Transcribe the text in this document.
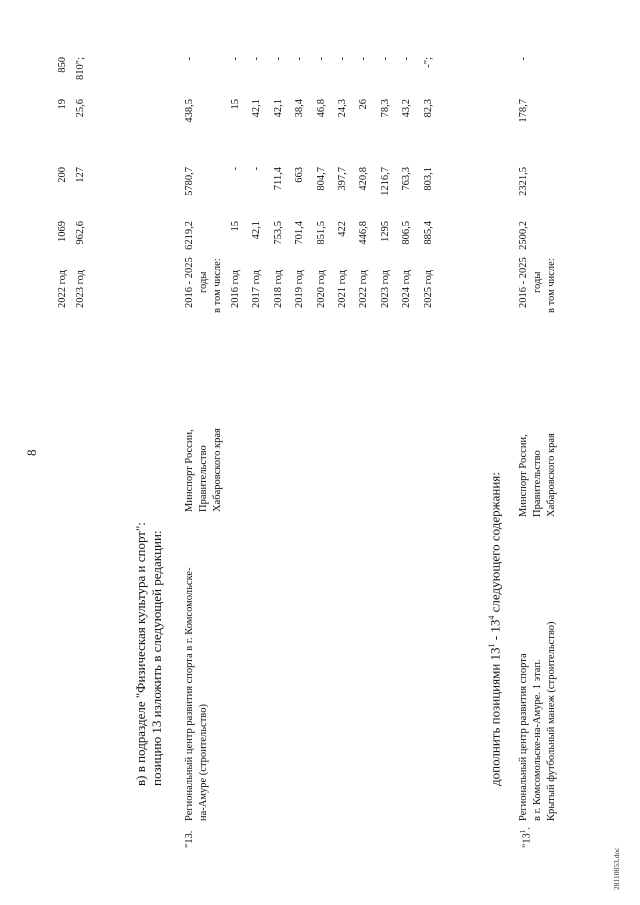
8
2022 год
1069
200
19
850
2023 год
962,6
127
25,6
810";
в) в подразделе "Физическая культура и спорт": позицию 13 изложить в следующей редакции:
"13.
Региональный центр развития спорта в г. Комсомольске- на-Амуре (строительство)
Минспорт России, Правительство Хабаровского края
2016 - 2025 годы в том числе:
6219,2
5780,7
438,5
-
2016 год
15
-
15
-
2017 год
42,1
-
42,1
-
2018 год
753,5
711,4
42,1
-
2019 год
701,4
663
38,4
-
2020 год
851,5
804,7
46,8
-
2021 год
422
397,7
24,3
-
2022 год
446,8
420,8
26
-
2023 год
1295
1216,7
78,3
-
2024 год
806,5
763,3
43,2
-
2025 год
885,4
803,1
82,3
-";
дополнить позициями $13^1 - 13^4$ следующего содержания:
"$13^1$.
Региональный центр развития спорта в г. Комсомольске-на-Амуре. 1 этап. Крытый футбольный манеж (строительство)
Минспорт России, Правительство Хабаровского края
2016 - 2025 годы в том числе:
2500,2
2321,5
178,7
-
28110853.doc
